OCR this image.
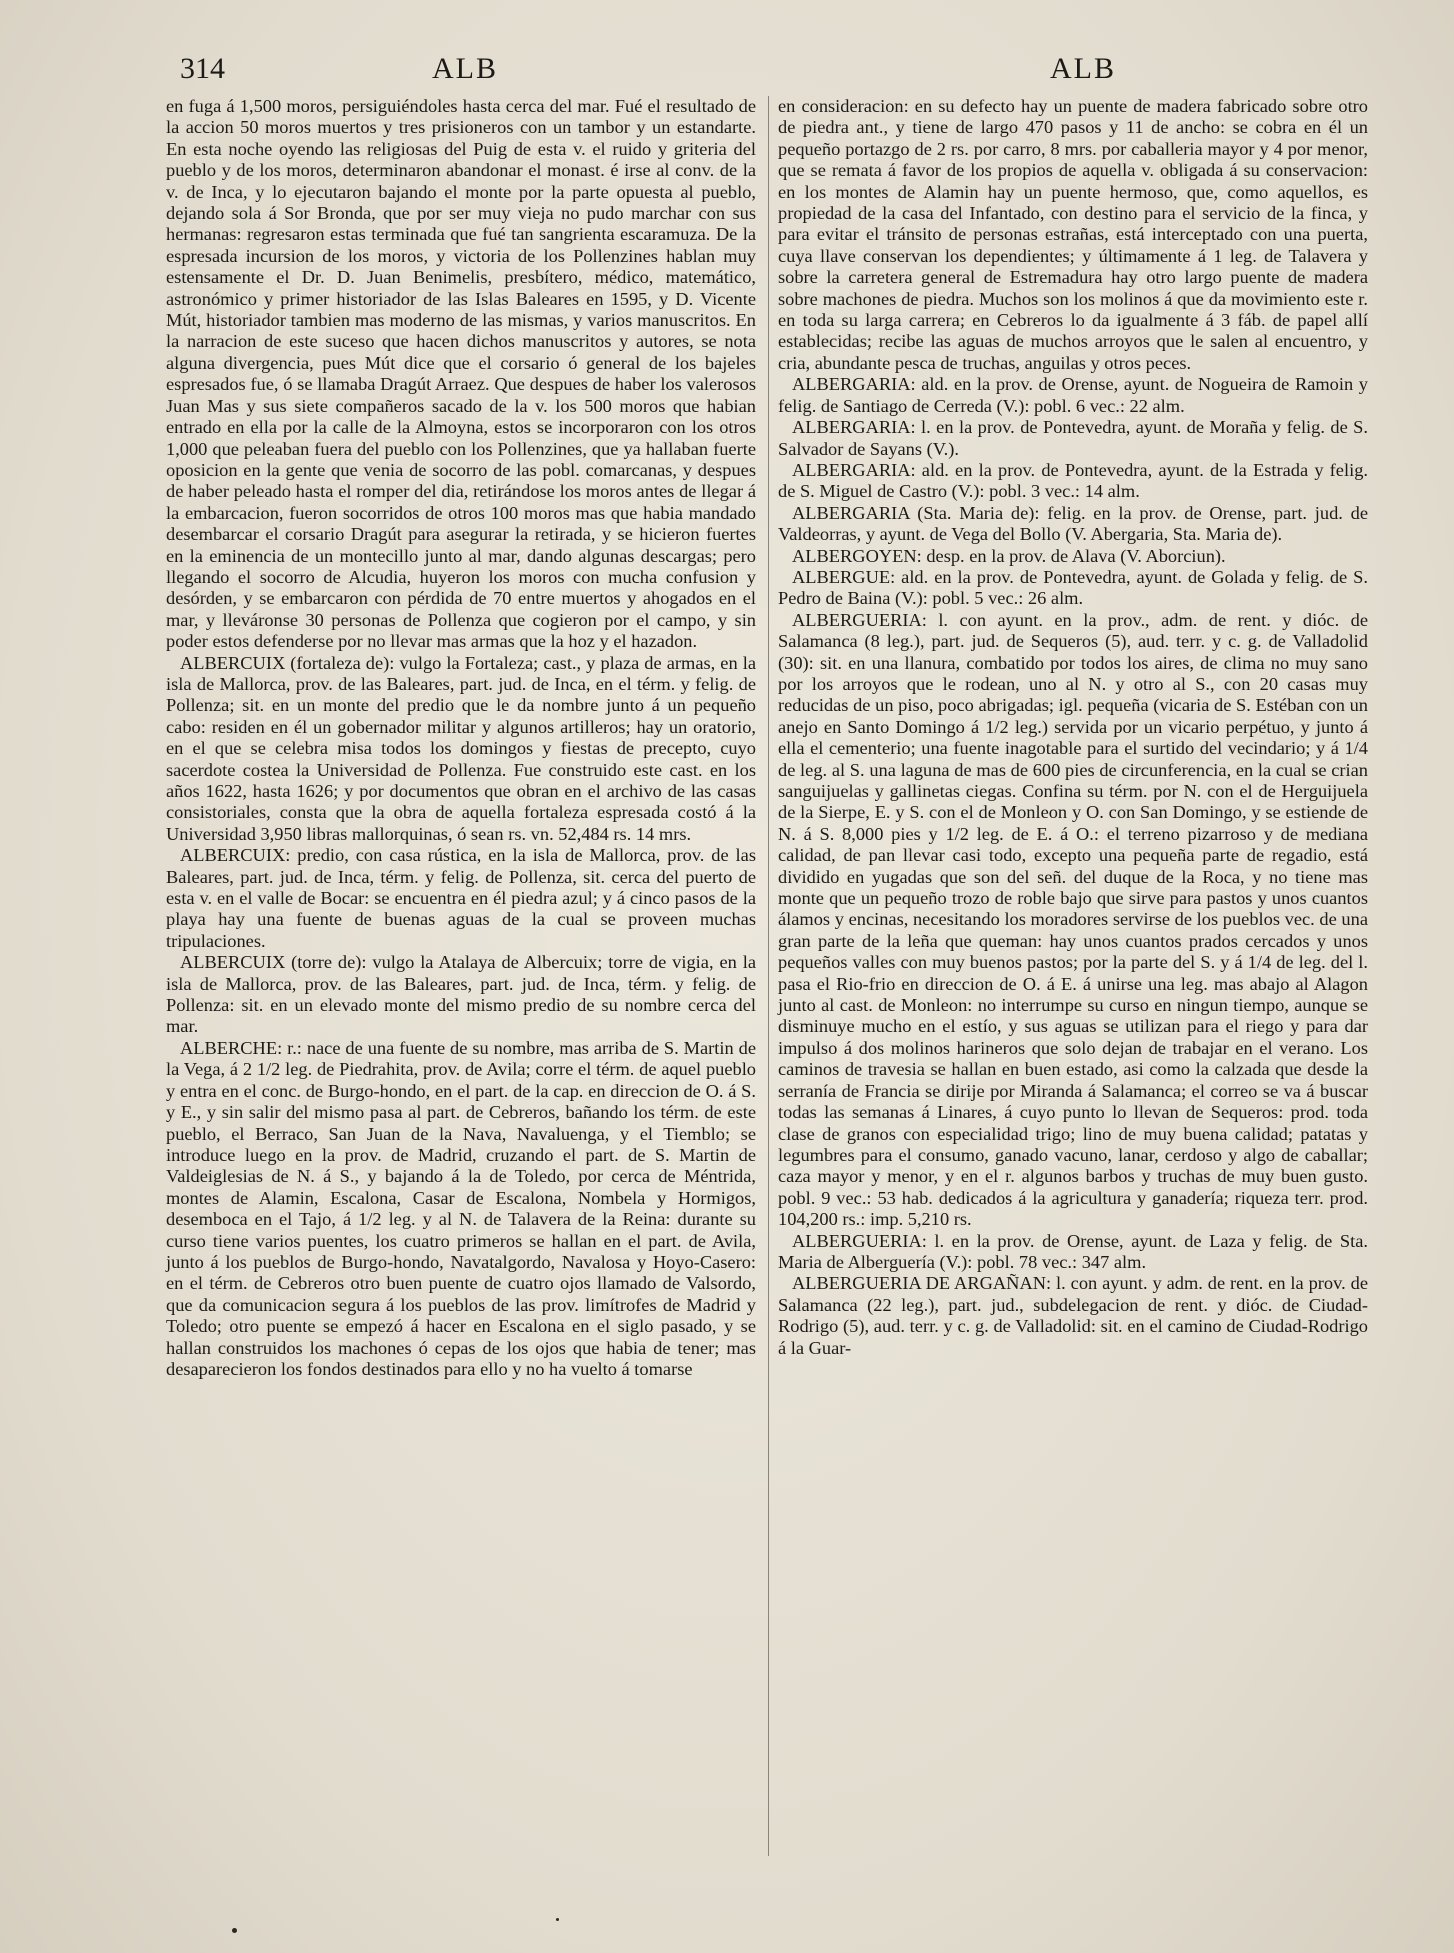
314	ALB	ALB

en fuga á 1,500 moros, persiguiéndoles hasta cerca del mar. Fué el resultado de la accion 50 moros muertos y tres prisioneros con un tambor y un estandarte. En esta noche oyendo las religiosas del Puig de esta v. el ruido y griteria del pueblo y de los moros, determinaron abandonar el monast. é irse al conv. de la v. de Inca, y lo ejecutaron bajando el monte por la parte opuesta al pueblo, dejando sola á Sor Bronda, que por ser muy vieja no pudo marchar con sus hermanas: regresaron estas terminada que fué tan sangrienta escaramuza. De la espresada incursion de los moros, y victoria de los Pollenzines hablan muy estensamente el Dr. D. Juan Benimelis, presbítero, médico, matemático, astronómico y primer historiador de las Islas Baleares en 1595, y D. Vicente Mút, historiador tambien mas moderno de las mismas, y varios manuscritos. En la narracion de este suceso que hacen dichos manuscritos y autores, se nota alguna divergencia, pues Mút dice que el corsario ó general de los bajeles espresados fue, ó se llamaba Dragút Arraez. Que despues de haber los valerosos Juan Mas y sus siete compañeros sacado de la v. los 500 moros que habian entrado en ella por la calle de la Almoyna, estos se incorporaron con los otros 1,000 que peleaban fuera del pueblo con los Pollenzines, que ya hallaban fuerte oposicion en la gente que venia de socorro de las pobl. comarcanas, y despues de haber peleado hasta el romper del dia, retirándose los moros antes de llegar á la embarcacion, fueron socorridos de otros 100 moros mas que habia mandado desembarcar el corsario Dragút para asegurar la retirada, y se hicieron fuertes en la eminencia de un montecillo junto al mar, dando algunas descargas; pero llegando el socorro de Alcudia, huyeron los moros con mucha confusion y desórden, y se embarcaron con pérdida de 70 entre muertos y ahogados en el mar, y lleváronse 30 personas de Pollenza que cogieron por el campo, y sin poder estos defenderse por no llevar mas armas que la hoz y el hazadon.

ALBERCUIX (fortaleza de): vulgo la Fortaleza; cast., y plaza de armas, en la isla de Mallorca, prov. de las Baleares, part. jud. de Inca, en el térm. y felig. de Pollenza; sit. en un monte del predio que le da nombre junto á un pequeño cabo: residen en él un gobernador militar y algunos artilleros; hay un oratorio, en el que se celebra misa todos los domingos y fiestas de precepto, cuyo sacerdote costea la Universidad de Pollenza. Fue construido este cast. en los años 1622, hasta 1626; y por documentos que obran en el archivo de las casas consistoriales, consta que la obra de aquella fortaleza espresada costó á la Universidad 3,950 libras mallorquinas, ó sean rs. vn. 52,484 rs. 14 mrs.

ALBERCUIX: predio, con casa rústica, en la isla de Mallorca, prov. de las Baleares, part. jud. de Inca, térm. y felig. de Pollenza, sit. cerca del puerto de esta v. en el valle de Bocar: se encuentra en él piedra azul; y á cinco pasos de la playa hay una fuente de buenas aguas de la cual se proveen muchas tripulaciones.

ALBERCUIX (torre de): vulgo la Atalaya de Albercuix; torre de vigia, en la isla de Mallorca, prov. de las Baleares, part. jud. de Inca, térm. y felig. de Pollenza: sit. en un elevado monte del mismo predio de su nombre cerca del mar.

ALBERCHE: r.: nace de una fuente de su nombre, mas arriba de S. Martin de la Vega, á 2 1/2 leg. de Piedrahita, prov. de Avila; corre el térm. de aquel pueblo y entra en el conc. de Burgo-hondo, en el part. de la cap. en direccion de O. á S. y E., y sin salir del mismo pasa al part. de Cebreros, bañando los térm. de este pueblo, el Berraco, San Juan de la Nava, Navaluenga, y el Tiemblo; se introduce luego en la prov. de Madrid, cruzando el part. de S. Martin de Valdeiglesias de N. á S., y bajando á la de Toledo, por cerca de Méntrida, montes de Alamin, Escalona, Casar de Escalona, Nombela y Hormigos, desemboca en el Tajo, á 1/2 leg. y al N. de Talavera de la Reina: durante su curso tiene varios puentes, los cuatro primeros se hallan en el part. de Avila, junto á los pueblos de Burgo-hondo, Navatalgordo, Navalosa y Hoyo-Casero: en el térm. de Cebreros otro buen puente de cuatro ojos llamado de Valsordo, que da comunicacion segura á los pueblos de las prov. limítrofes de Madrid y Toledo; otro puente se empezó á hacer en Escalona en el siglo pasado, y se hallan construidos los machones ó cepas de los ojos que habia de tener; mas desaparecieron los fondos destinados para ello y no ha vuelto á tomarse

en consideracion: en su defecto hay un puente de madera fabricado sobre otro de piedra ant., y tiene de largo 470 pasos y 11 de ancho: se cobra en él un pequeño portazgo de 2 rs. por carro, 8 mrs. por caballeria mayor y 4 por menor, que se remata á favor de los propios de aquella v. obligada á su conservacion: en los montes de Alamin hay un puente hermoso, que, como aquellos, es propiedad de la casa del Infantado, con destino para el servicio de la finca, y para evitar el tránsito de personas estrañas, está interceptado con una puerta, cuya llave conservan los dependientes; y últimamente á 1 leg. de Talavera y sobre la carretera general de Estremadura hay otro largo puente de madera sobre machones de piedra. Muchos son los molinos á que da movimiento este r. en toda su larga carrera; en Cebreros lo da igualmente á 3 fáb. de papel allí establecidas; recibe las aguas de muchos arroyos que le salen al encuentro, y cria, abundante pesca de truchas, anguilas y otros peces.

ALBERGARIA: ald. en la prov. de Orense, ayunt. de Nogueira de Ramoin y felig. de Santiago de Cerreda (V.): pobl. 6 vec.: 22 alm.

ALBERGARIA: l. en la prov. de Pontevedra, ayunt. de Moraña y felig. de S. Salvador de Sayans (V.).

ALBERGARIA: ald. en la prov. de Pontevedra, ayunt. de la Estrada y felig. de S. Miguel de Castro (V.): pobl. 3 vec.: 14 alm.

ALBERGARIA (Sta. Maria de): felig. en la prov. de Orense, part. jud. de Valdeorras, y ayunt. de Vega del Bollo (V. Abergaria, Sta. Maria de).

ALBERGOYEN: desp. en la prov. de Alava (V. Aborciun).

ALBERGUE: ald. en la prov. de Pontevedra, ayunt. de Golada y felig. de S. Pedro de Baina (V.): pobl. 5 vec.: 26 alm.

ALBERGUERIA: l. con ayunt. en la prov., adm. de rent. y dióc. de Salamanca (8 leg.), part. jud. de Sequeros (5), aud. terr. y c. g. de Valladolid (30): sit. en una llanura, combatido por todos los aires, de clima no muy sano por los arroyos que le rodean, uno al N. y otro al S., con 20 casas muy reducidas de un piso, poco abrigadas; igl. pequeña (vicaria de S. Estéban con un anejo en Santo Domingo á 1/2 leg.) servida por un vicario perpétuo, y junto á ella el cementerio; una fuente inagotable para el surtido del vecindario; y á 1/4 de leg. al S. una laguna de mas de 600 pies de circunferencia, en la cual se crian sanguijuelas y gallinetas ciegas. Confina su térm. por N. con el de Herguijuela de la Sierpe, E. y S. con el de Monleon y O. con San Domingo, y se estiende de N. á S. 8,000 pies y 1/2 leg. de E. á O.: el terreno pizarroso y de mediana calidad, de pan llevar casi todo, excepto una pequeña parte de regadio, está dividido en yugadas que son del señ. del duque de la Roca, y no tiene mas monte que un pequeño trozo de roble bajo que sirve para pastos y unos cuantos álamos y encinas, necesitando los moradores servirse de los pueblos vec. de una gran parte de la leña que queman: hay unos cuantos prados cercados y unos pequeños valles con muy buenos pastos; por la parte del S. y á 1/4 de leg. del l. pasa el Rio-frio en direccion de O. á E. á unirse una leg. mas abajo al Alagon junto al cast. de Monleon: no interrumpe su curso en ningun tiempo, aunque se disminuye mucho en el estío, y sus aguas se utilizan para el riego y para dar impulso á dos molinos harineros que solo dejan de trabajar en el verano. Los caminos de travesia se hallan en buen estado, asi como la calzada que desde la serranía de Francia se dirije por Miranda á Salamanca; el correo se va á buscar todas las semanas á Linares, á cuyo punto lo llevan de Sequeros: prod. toda clase de granos con especialidad trigo; lino de muy buena calidad; patatas y legumbres para el consumo, ganado vacuno, lanar, cerdoso y algo de caballar; caza mayor y menor, y en el r. algunos barbos y truchas de muy buen gusto. pobl. 9 vec.: 53 hab. dedicados á la agricultura y ganadería; riqueza terr. prod. 104,200 rs.: imp. 5,210 rs.

ALBERGUERIA: l. en la prov. de Orense, ayunt. de Laza y felig. de Sta. Maria de Alberguería (V.): pobl. 78 vec.: 347 alm.

ALBERGUERIA DE ARGAÑAN: l. con ayunt. y adm. de rent. en la prov. de Salamanca (22 leg.), part. jud., subdelegacion de rent. y dióc. de Ciudad-Rodrigo (5), aud. terr. y c. g. de Valladolid: sit. en el camino de Ciudad-Rodrigo á la Guar-
